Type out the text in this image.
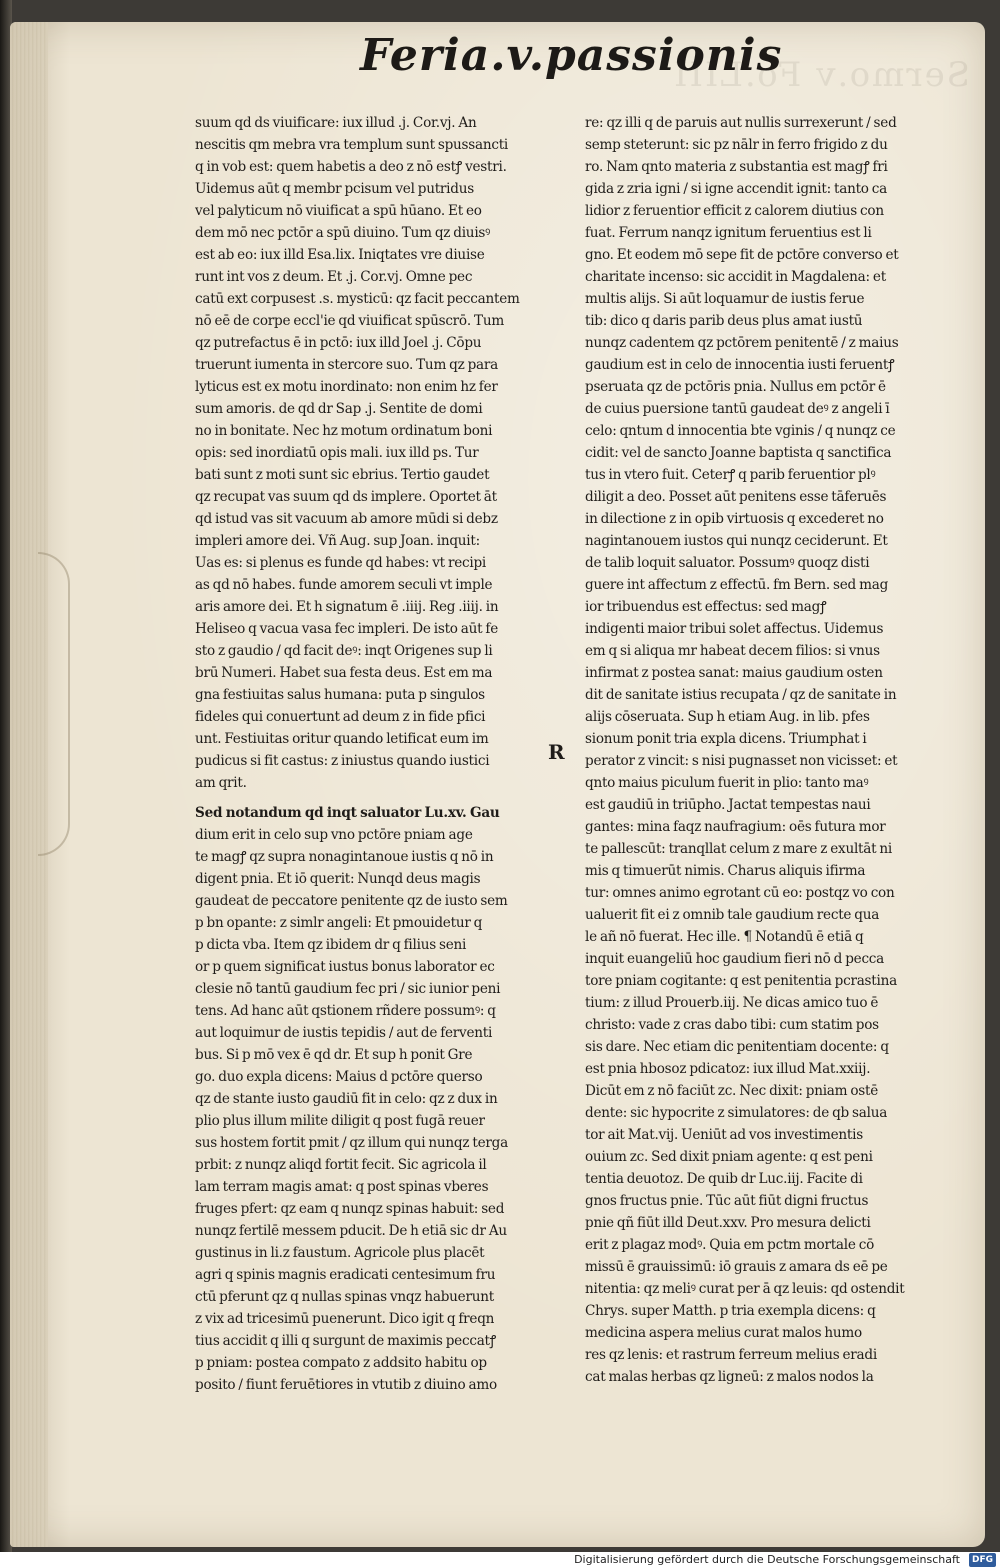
Sermo.v Fo.LIII
Feria.v.passionis
suum qd ds viuificare: iux illud .j. Cor.vj. An
nescitis qm mebra vra templum sunt spussancti
q in vob est: quem habetis a deo z nō estꝭ vestri.
Uidemus aūt q membr pcisum vel putridus
vel palyticum nō viuificat a spū hūano. Et eo
dem mō nec pctōr a spū diuino. Tum qz diuisꝰ
est ab eo: iux illd Esa.lix. Iniqtates vre diuise
runt int vos z deum. Et .j. Cor.vj. Omne pec
catū ext corpusest .s. mysticū: qz facit peccantem
nō eē de corpe eccl'ie qd viuificat spūscrō. Tum
qz putrefactus ē in pctō: iux illd Joel .j. Cōpu
truerunt iumenta in stercore suo. Tum qz para
lyticus est ex motu inordinato: non enim hz fer
sum amoris. de qd dr Sap .j. Sentite de domi
no in bonitate. Nec hz motum ordinatum boni
opis: sed inordiatū opis mali. iux illd ps. Tur
bati sunt z moti sunt sic ebrius. Tertio gaudet
qz recupat vas suum qd ds implere. Oportet āt
qd istud vas sit vacuum ab amore mūdi si debz
impleri amore dei. Vñ Aug. sup Joan. inquit:
Uas es: si plenus es funde qd habes: vt recipi
as qd nō habes. funde amorem seculi vt imple
aris amore dei. Et h signatum ē .iiij. Reg .iiij. in
Heliseo q vacua vasa fec impleri. De isto aūt fe
sto z gaudio / qd facit deꝰ: inqt Origenes sup li
brū Numeri. Habet sua festa deus. Est em ma
gna festiuitas salus humana: puta p singulos
fideles qui conuertunt ad deum z in fide pfici
unt. Festiuitas oritur quando letificat eum im
pudicus si fit castus: z iniustus quando iustici
am qrit.
Sed notandum qd inqt saluator Lu.xv. Gau
dium erit in celo sup vno pctōre pniam age
te magꝭ qz supra nonagintanoue iustis q nō in
digent pnia. Et iō querit: Nunqd deus magis
gaudeat de peccatore penitente qz de iusto sem
p bn opante: z simlr angeli: Et pmouidetur q
p dicta vba. Item qz ibidem dr q filius seni
or p quem significat iustus bonus laborator ec
clesie nō tantū gaudium fec pri / sic iunior peni
tens. Ad hanc aūt qstionem rñdere possumꝰ: q
aut loquimur de iustis tepidis / aut de ferventi
bus. Si p mō vex ē qd dr. Et sup h ponit Gre
go. duo expla dicens: Maius d pctōre querso
qz de stante iusto gaudiū fit in celo: qz z dux in
plio plus illum milite diligit q post fugā reuer
sus hostem fortit pmit / qz illum qui nunqz terga
prbit: z nunqz aliqd fortit fecit. Sic agricola il
lam terram magis amat: q post spinas vberes
fruges pfert: qz eam q nunqz spinas habuit: sed
nunqz fertilē messem pducit. De h etiā sic dr Au
gustinus in li.z faustum. Agricole plus placēt
agri q spinis magnis eradicati centesimum fru
ctū pferunt qz q nullas spinas vnqz habuerunt
z vix ad tricesimū puenerunt. Dico igit q freqn
tius accidit q illi q surgunt de maximis peccatꝭ
p pniam: postea compato z addsito habitu op
posito / fiunt feruētiores in vtutib z diuino amo
R
re: qz illi q de paruis aut nullis surrexerunt / sed
semp steterunt: sic pz nālr in ferro frigido z du
ro. Nam qnto materia z substantia est magꝭ fri
gida z zria igni / si igne accendit ignit: tanto ca
lidior z feruentior efficit z calorem diutius con
fuat. Ferrum nanqz ignitum feruentius est li
gno. Et eodem mō sepe fit de pctōre converso et
charitate incenso: sic accidit in Magdalena: et
multis alijs. Si aūt loquamur de iustis ferue
tib: dico q daris parib deus plus amat iustū
nunqz cadentem qz pctōrem penitentē / z maius
gaudium est in celo de innocentia iusti feruentꝭ
pseruata qz de pctōris pnia. Nullus em pctōr ē
de cuius puersione tantū gaudeat deꝰ z angeli ī
celo: qntum d innocentia bte vginis / q nunqz ce
cidit: vel de sancto Joanne baptista q sanctifica
tus in vtero fuit. Ceterꝭ q parib feruentior plꝰ
diligit a deo. Posset aūt penitens esse tāferuēs
in dilectione z in opib virtuosis q excederet no
nagintanouem iustos qui nunqz ceciderunt. Et
de talib loquit saluator. Possumꝰ quoqz disti
guere int affectum z effectū. fm Bern. sed mag
ior tribuendus est effectus: sed magꝭ
indigenti maior tribui solet affectus. Uidemus
em q si aliqua mr habeat decem filios: si vnus
infirmat z postea sanat: maius gaudium osten
dit de sanitate istius recupata / qz de sanitate in
alijs cōseruata. Sup h etiam Aug. in lib. pfes
sionum ponit tria expla dicens. Triumphat i
perator z vincit: s nisi pugnasset non vicisset: et
qnto maius piculum fuerit in plio: tanto maꝰ
est gaudiū in triūpho. Jactat tempestas naui
gantes: mina faqz naufragium: oēs futura mor
te pallescūt: tranqllat celum z mare z exultāt ni
mis q timuerūt nimis. Charus aliquis ifirma
tur: omnes animo egrotant cū eo: postqz vo con
ualuerit fit ei z omnib tale gaudium recte qua
le añ nō fuerat. Hec ille. ¶ Notandū ē etiā q
inquit euangeliū hoc gaudium fieri nō d pecca
tore pniam cogitante: q est penitentia pcrastina
tium: z illud Prouerb.iij. Ne dicas amico tuo ē
christo: vade z cras dabo tibi: cum statim pos
sis dare. Nec etiam dic penitentiam docente: q
est pnia hbosoz pdicatoz: iux illud Mat.xxiij.
Dicūt em z nō faciūt zc. Nec dixit: pniam ostē
dente: sic hypocrite z simulatores: de qb salua
tor ait Mat.vij. Ueniūt ad vos investimentis
ouium zc. Sed dixit pniam agente: q est peni
tentia deuotoz. De quib dr Luc.iij. Facite di
gnos fructus pnie. Tūc aūt fiūt digni fructus
pnie qñ fiūt illd Deut.xxv. Pro mesura delicti
erit z plagaz modꝰ. Quia em pctm mortale cō
missū ē grauissimū: iō grauis z amara ds eē pe
nitentia: qz meliꝰ curat per ā qz leuis: qd ostendit
Chrys. super Matth. p tria exempla dicens: q
medicina aspera melius curat malos humo
res qz lenis: et rastrum ferreum melius eradi
cat malas herbas qz ligneū: z malos nodos la
Digitalisierung gefördert durch die Deutsche Forschungsgemeinschaft	DFG
